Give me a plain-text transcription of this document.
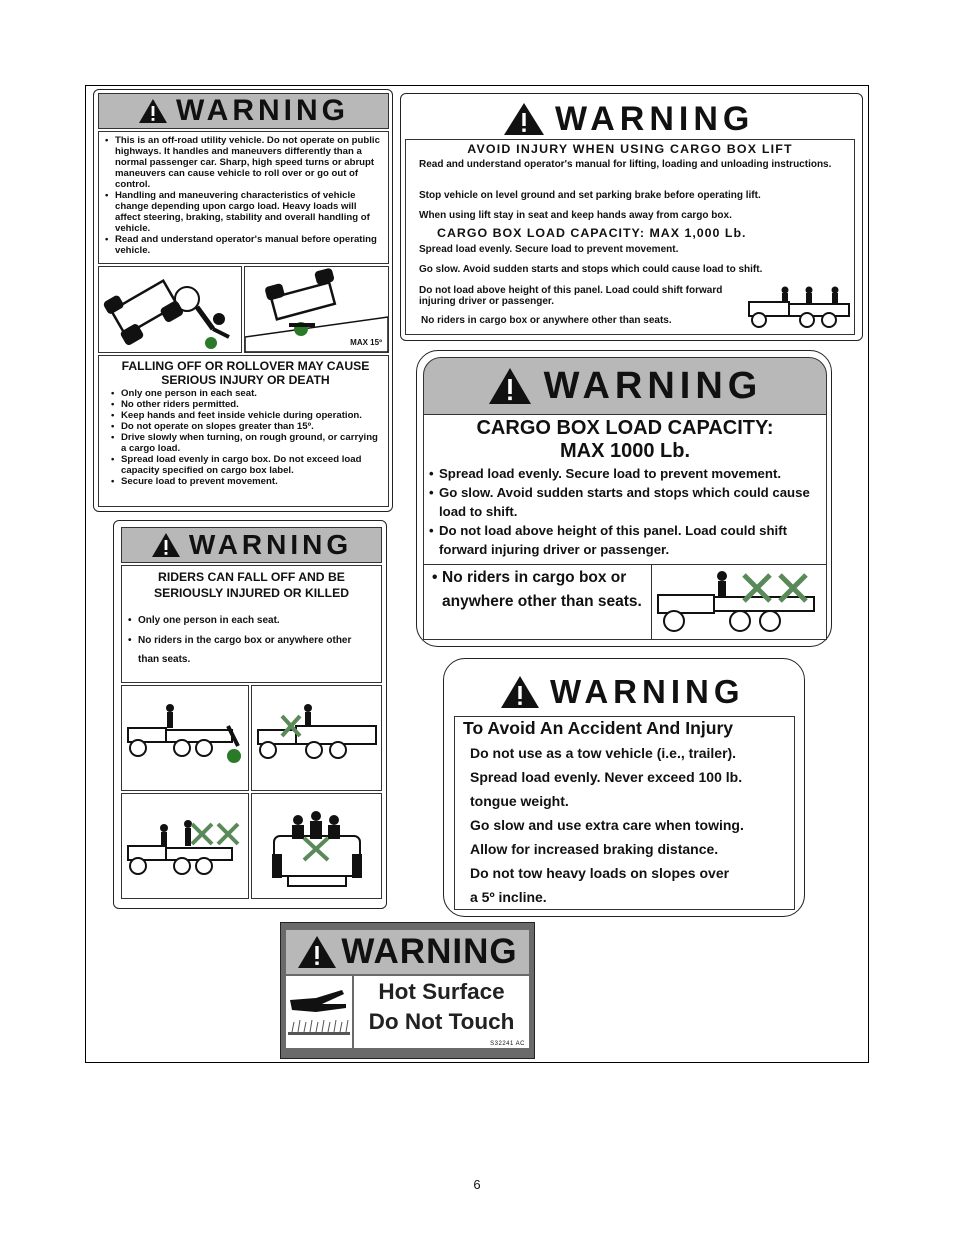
WARNING
• This is an off-road utility vehicle. Do not operate on public highways. It handles and maneuvers differently than a normal passenger car. Sharp, high speed turns or abrupt maneuvers can cause vehicle to roll over or go out of control.
• Handling and maneuvering characteristics of vehicle change depending upon cargo load. Heavy loads will affect steering, braking, stability and overall handling of vehicle.
• Read and understand operator's manual before operating vehicle.
MAX 15º
FALLING OFF OR ROLLOVER MAY CAUSE SERIOUS INJURY OR DEATH
• Only one person in each seat.
• No other riders permitted.
• Keep hands and feet inside vehicle during operation.
• Do not operate on slopes greater than 15º.
• Drive slowly when turning, on rough ground, or carrying a cargo load.
• Spread load evenly in cargo box. Do not exceed load capacity specified on cargo box label.
• Secure load to prevent movement.
WARNING
AVOID INJURY WHEN USING CARGO BOX LIFT

Read and understand operator's manual for lifting, loading and unloading instructions.

Stop vehicle on level ground and set parking brake before operating lift.

When using lift stay in seat and keep hands away from cargo box.

CARGO BOX LOAD CAPACITY: MAX 1,000 Lb.

Spread load evenly. Secure load to prevent movement.

Go slow. Avoid sudden starts and stops which could cause load to shift.

Do not load above height of this panel. Load could shift forward injuring driver or passenger.

No riders in cargo box or anywhere other than seats.

WARNING
CARGO BOX LOAD CAPACITY:
MAX 1000 Lb.
• Spread load evenly. Secure load to prevent movement.
• Go slow. Avoid sudden starts and stops which could cause load to shift.
• Do not load above height of this panel. Load could shift forward injuring driver or passenger.
• No riders in cargo box or anywhere other than seats.
WARNING
RIDERS CAN FALL OFF AND BE SERIOUSLY INJURED OR KILLED
• Only one person in each seat.
• No riders in the cargo box or anywhere other than seats.
WARNING
To Avoid An Accident And Injury
Do not use as a tow vehicle (i.e., trailer).
Spread load evenly. Never exceed 100 lb.
tongue weight.
Go slow and use extra care when towing.
Allow for increased braking distance.
Do not tow heavy loads on slopes over
a 5º incline.
WARNING
Hot Surface
Do Not Touch
S32241 AC
6
